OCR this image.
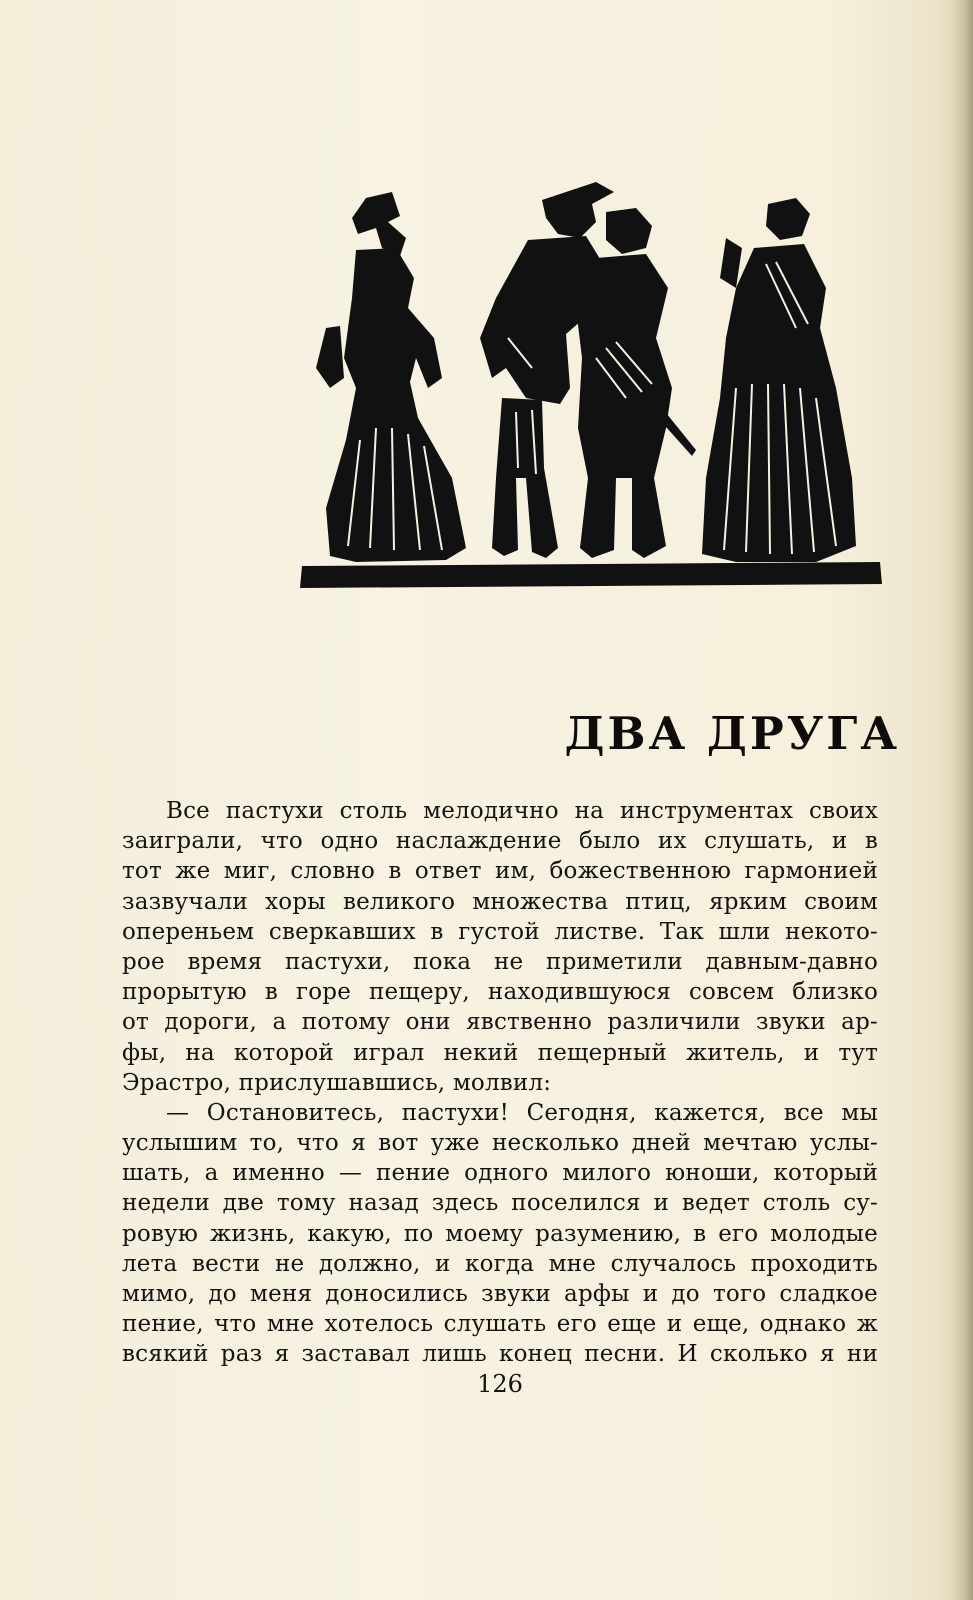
ДВА ДРУГА
Все пастухи столь мелодично на инструментах своих
заиграли, что одно наслаждение было их слушать, и в
тот же миг, словно в ответ им, божественною гармонией
зазвучали хоры великого множества птиц, ярким своим
опереньем сверкавших в густой листве. Так шли некото-
рое время пастухи, пока не приметили давным-давно
прорытую в горе пещеру, находившуюся совсем близко
от дороги, а потому они явственно различили звуки ар-
фы, на которой играл некий пещерный житель, и тут
Эрастро, прислушавшись, молвил:
— Остановитесь, пастухи! Сегодня, кажется, все мы
услышим то, что я вот уже несколько дней мечтаю услы-
шать, а именно — пение одного милого юноши, который
недели две тому назад здесь поселился и ведет столь су-
ровую жизнь, какую, по моему разумению, в его молодые
лета вести не должно, и когда мне случалось проходить
мимо, до меня доносились звуки арфы и до того сладкое
пение, что мне хотелось слушать его еще и еще, однако ж
всякий раз я заставал лишь конец песни. И сколько я ни
126
